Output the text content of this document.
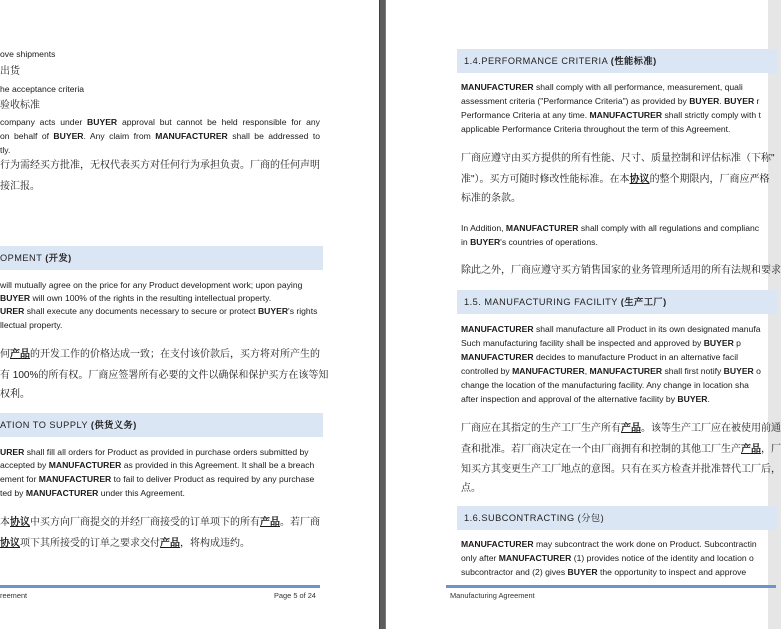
ove shipments
出货
he acceptance criteria
验收标准
company acts under BUYER approval but cannot be held responsible for any
on behalf of BUYER. Any claim from MANUFACTURER shall be addressed to
tly.
行为需经买方批准，无权代表买方对任何行为承担负责。厂商的任何声明
接汇报。
OPMENT (开发)
will mutually agree on the price for any Product development work; upon paying
BUYER will own 100% of the rights in the resulting intellectual property.
URER shall execute any documents necessary to secure or protect BUYER's rights
llectual property.
何产品的开发工作的价格达成一致；在支付该价款后，买方将对所产生的
有 100%的所有权。厂商应签署所有必要的文件以确保和保护买方在该等知
权利。
ATION TO SUPPLY (供货义务)
URER shall fill all orders for Product as provided in purchase orders submitted by
accepted by MANUFACTURER as provided in this Agreement. It shall be a breach
ement for MANUFACTURER to fail to deliver Product as required by any purchase
ted by MANUFACTURER under this Agreement.
本协议中买方向厂商提交的并经厂商接受的订单项下的所有产品。若厂商
协议项下其所接受的订单之要求交付产品，将构成违约。
reement	Page 5 of 24
1.4.PERFORMANCE CRITERIA (性能标准)
MANUFACTURER shall comply with all performance, measurement, quali
assessment criteria ("Performance Criteria") as provided by BUYER. BUYER r
Performance Criteria at any time. MANUFACTURER shall strictly comply with t
applicable Performance Criteria throughout the term of this Agreement.
厂商应遵守由买方提供的所有性能、尺寸、质量控制和评估标准（下称"
准"）。买方可随时修改性能标准。在本协议的整个期限内，厂商应严格
标准的条款。
In Addition, MANUFACTURER shall comply with all regulations and complianc
in BUYER's countries of operations.
除此之外，厂商应遵守买方销售国家的业务管理所适用的所有法规和要求
1.5. MANUFACTURING FACILITY (生产工厂)
MANUFACTURER shall manufacture all Product in its own designated manufa
Such manufacturing facility shall be inspected and approved by BUYER p
MANUFACTURER decides to manufacture Product in an alternative facil
controlled by MANUFACTURER, MANUFACTURER shall first notify BUYER o
change the location of the manufacturing facility. Any change in location sha
after inspection and approval of the alternative facility by BUYER.
厂商应在其指定的生产工厂生产所有产品。该等生产工厂应在被使用前通
查和批准。若厂商决定在一个由厂商拥有和控制的其他工厂生产产品，厂
知买方其变更生产工厂地点的意图。只有在买方检查并批准替代工厂后，
点。
1.6.SUBCONTRACTING (分包)
MANUFACTURER may subcontract the work done on Product. Subcontractin
only after MANUFACTURER (1) provides notice of the identity and location o
subcontractor and (2) gives BUYER the opportunity to inspect and approve
Manufacturing Agreement
